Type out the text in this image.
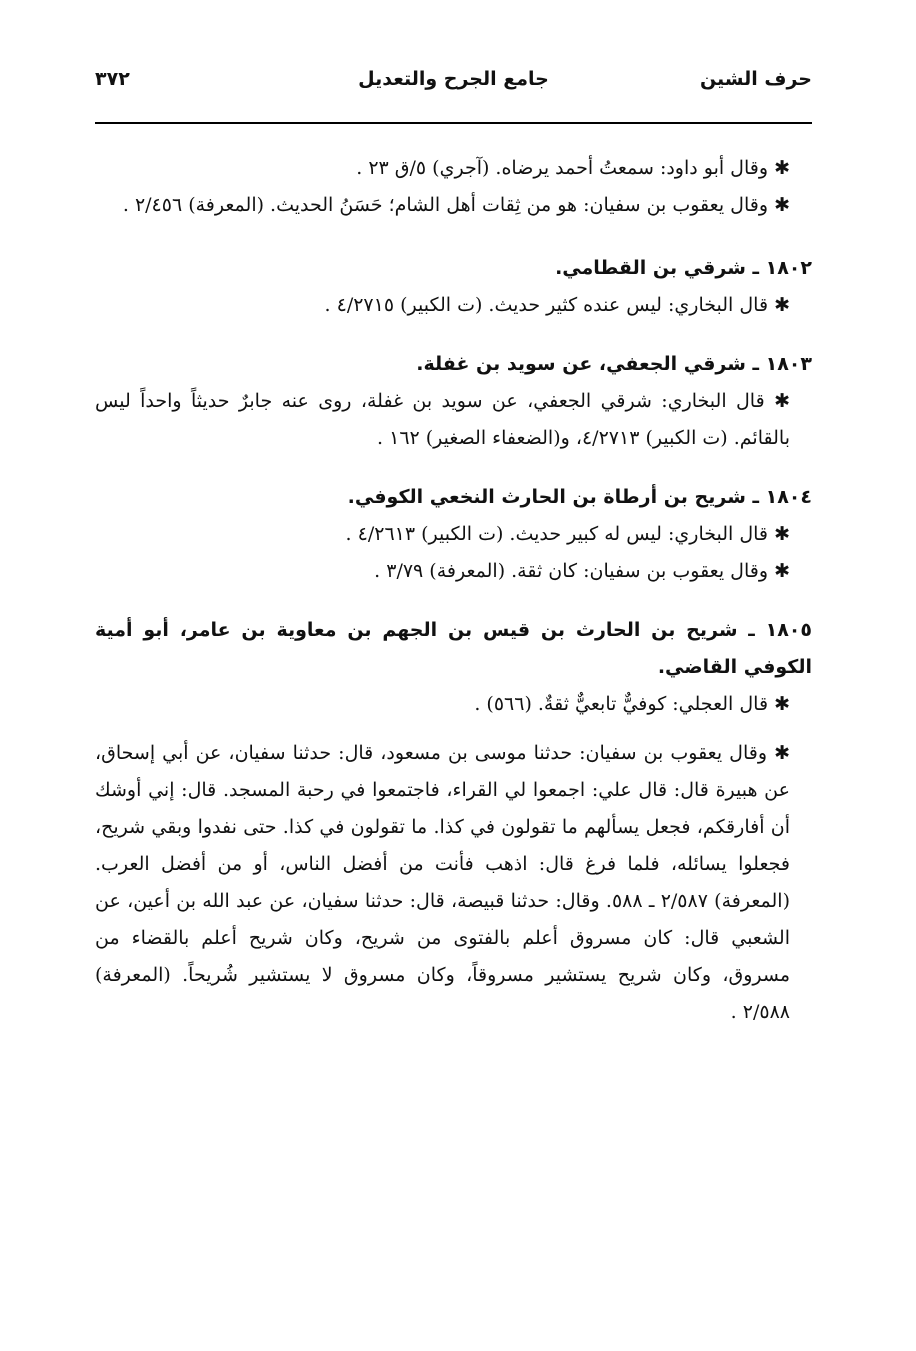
٣٧٢	جامع الجرح والتعديل	حرف الشين
✱ وقال أبو داود: سمعتُ أحمد يرضاه. (آجري) ٥/ق ٢٣ .
✱ وقال يعقوب بن سفيان: هو من ثِقات أهل الشام؛ حَسَنُ الحديث. (المعرفة) ٢/٤٥٦ .
١٨٠٢ ـ شرقي بن القطامي.
✱ قال البخاري: ليس عنده كثير حديث. (ت الكبير) ٤/٢٧١٥ .
١٨٠٣ ـ شرقي الجعفي، عن سويد بن غفلة.
✱ قال البخاري: شرقي الجعفي، عن سويد بن غفلة، روى عنه جابرٌ حديثاً واحداً ليس بالقائم. (ت الكبير) ٤/٢٧١٣، و(الضعفاء الصغير) ١٦٢ .
١٨٠٤ ـ شريح بن أرطاة بن الحارث النخعي الكوفي.
✱ قال البخاري: ليس له كبير حديث. (ت الكبير) ٤/٢٦١٣ .
✱ وقال يعقوب بن سفيان: كان ثقة. (المعرفة) ٣/٧٩ .
١٨٠٥ ـ شريح بن الحارث بن قيس بن الجهم بن معاوية بن عامر، أبو أمية الكوفي القاضي.
✱ قال العجلي: كوفيٌّ تابعيٌّ ثقةٌ. (٥٦٦) .
✱ وقال يعقوب بن سفيان: حدثنا موسى بن مسعود، قال: حدثنا سفيان، عن أبي إسحاق، عن هبيرة قال: قال علي: اجمعوا لي القراء، فاجتمعوا في رحبة المسجد. قال: إني أوشك أن أفارقكم، فجعل يسألهم ما تقولون في كذا. ما تقولون في كذا. حتى نفدوا وبقي شريح، فجعلوا يسائله، فلما فرغ قال: اذهب فأنت من أفضل الناس، أو من أفضل العرب. (المعرفة) ٢/٥٨٧ ـ ٥٨٨. وقال: حدثنا قبيصة، قال: حدثنا سفيان، عن عبد الله بن أعين، عن الشعبي قال: كان مسروق أعلم بالفتوى من شريح، وكان شريح أعلم بالقضاء من مسروق، وكان شريح يستشير مسروقاً، وكان مسروق لا يستشير شُريحاً. (المعرفة) ٢/٥٨٨ .
